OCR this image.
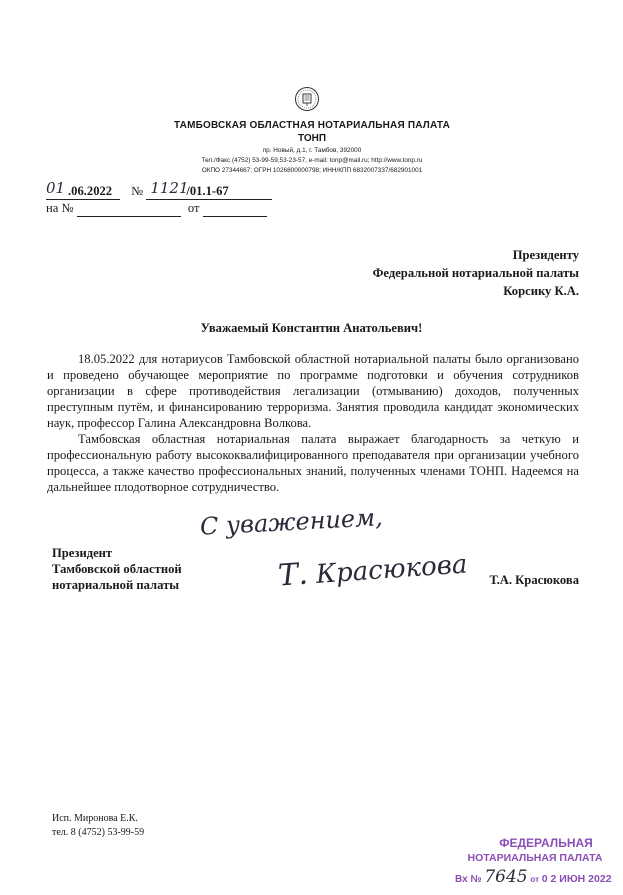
ТАМБОВСКАЯ ОБЛАСТНАЯ НОТАРИАЛЬНАЯ ПАЛАТА
ТОНП
пр. Новый, д.1, г. Тамбов, 392000
Тел./Факс (4752) 53-99-59,53-23-57, e-mail: tonp@mail.ru; http://www.tonp.ru
ОКПО 27344667; ОГРН 1026800000798; ИНН/КПП 6832007337/682901001
01 .06.2022 № 1121
/01.1-67

на №	от
Президенту
Федеральной нотариальной палаты
Корсику К.А.
Уважаемый Константин Анатольевич!
18.05.2022 для нотариусов Тамбовской областной нотариальной палаты было организовано и проведено обучающее мероприятие по программе подготовки и обучения сотрудников организации в сфере противодействия легализации (отмыванию) доходов, полученных преступным путём, и финансированию терроризма. Занятия проводила кандидат экономических наук, профессор Галина Александровна Волкова.
Тамбовская областная нотариальная палата выражает благодарность за четкую и профессиональную работу высококвалифицированного преподавателя при организации учебного процесса, а также качество профессиональных знаний, полученных членами ТОНП. Надеемся на дальнейшее плодотворное сотрудничество.
С уважением,
Президент
Тамбовской областной
нотариальной палаты	Т. Красюкова Т.А. Красюкова
Исп. Миронова Е.К.
тел. 8 (4752) 53-99-59
ФЕДЕРАЛЬНАЯ
НОТАРИАЛЬНАЯ ПАЛАТА
Вх № 7645 от 0 2 ИЮН 2022
